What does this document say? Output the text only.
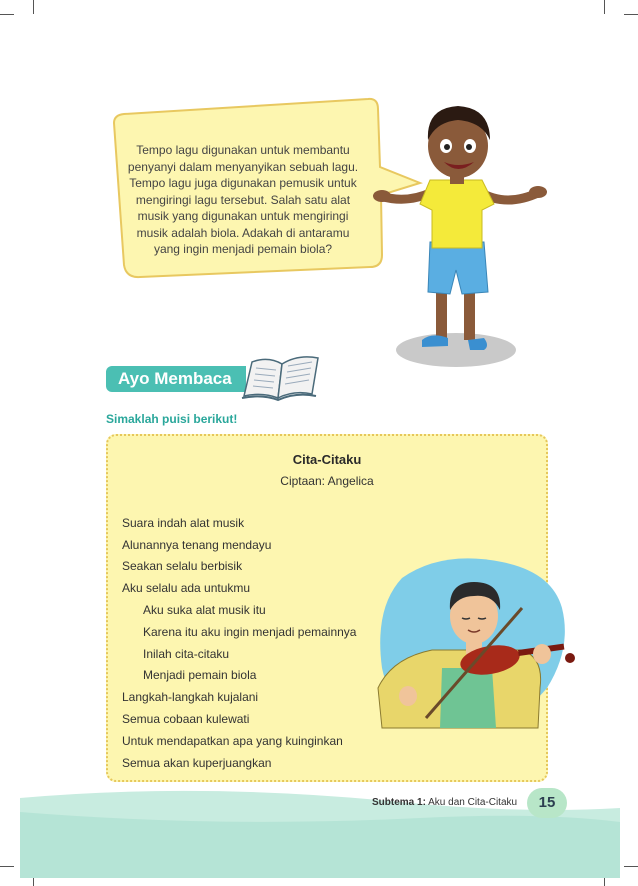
Tempo lagu digunakan untuk membantu
penyanyi dalam menyanyikan sebuah lagu.
Tempo lagu juga digunakan pemusik untuk
mengiringi lagu tersebut. Salah satu alat
musik yang digunakan untuk mengiringi
musik adalah biola. Adakah di antaramu
yang ingin menjadi pemain biola?
Ayo Membaca
Simaklah puisi berikut!
Cita-Citaku
Ciptaan: Angelica
Suara indah alat musik
Alunannya tenang mendayu
Seakan selalu berbisik
Aku selalu ada untukmu
Aku suka alat musik itu
Karena itu aku ingin menjadi pemainnya
Inilah cita-citaku
Menjadi pemain biola
Langkah-langkah kujalani
Semua cobaan kulewati
Untuk mendapatkan apa yang kuinginkan
Semua akan kuperjuangkan
Subtema 1: Aku dan Cita-Citaku	15
